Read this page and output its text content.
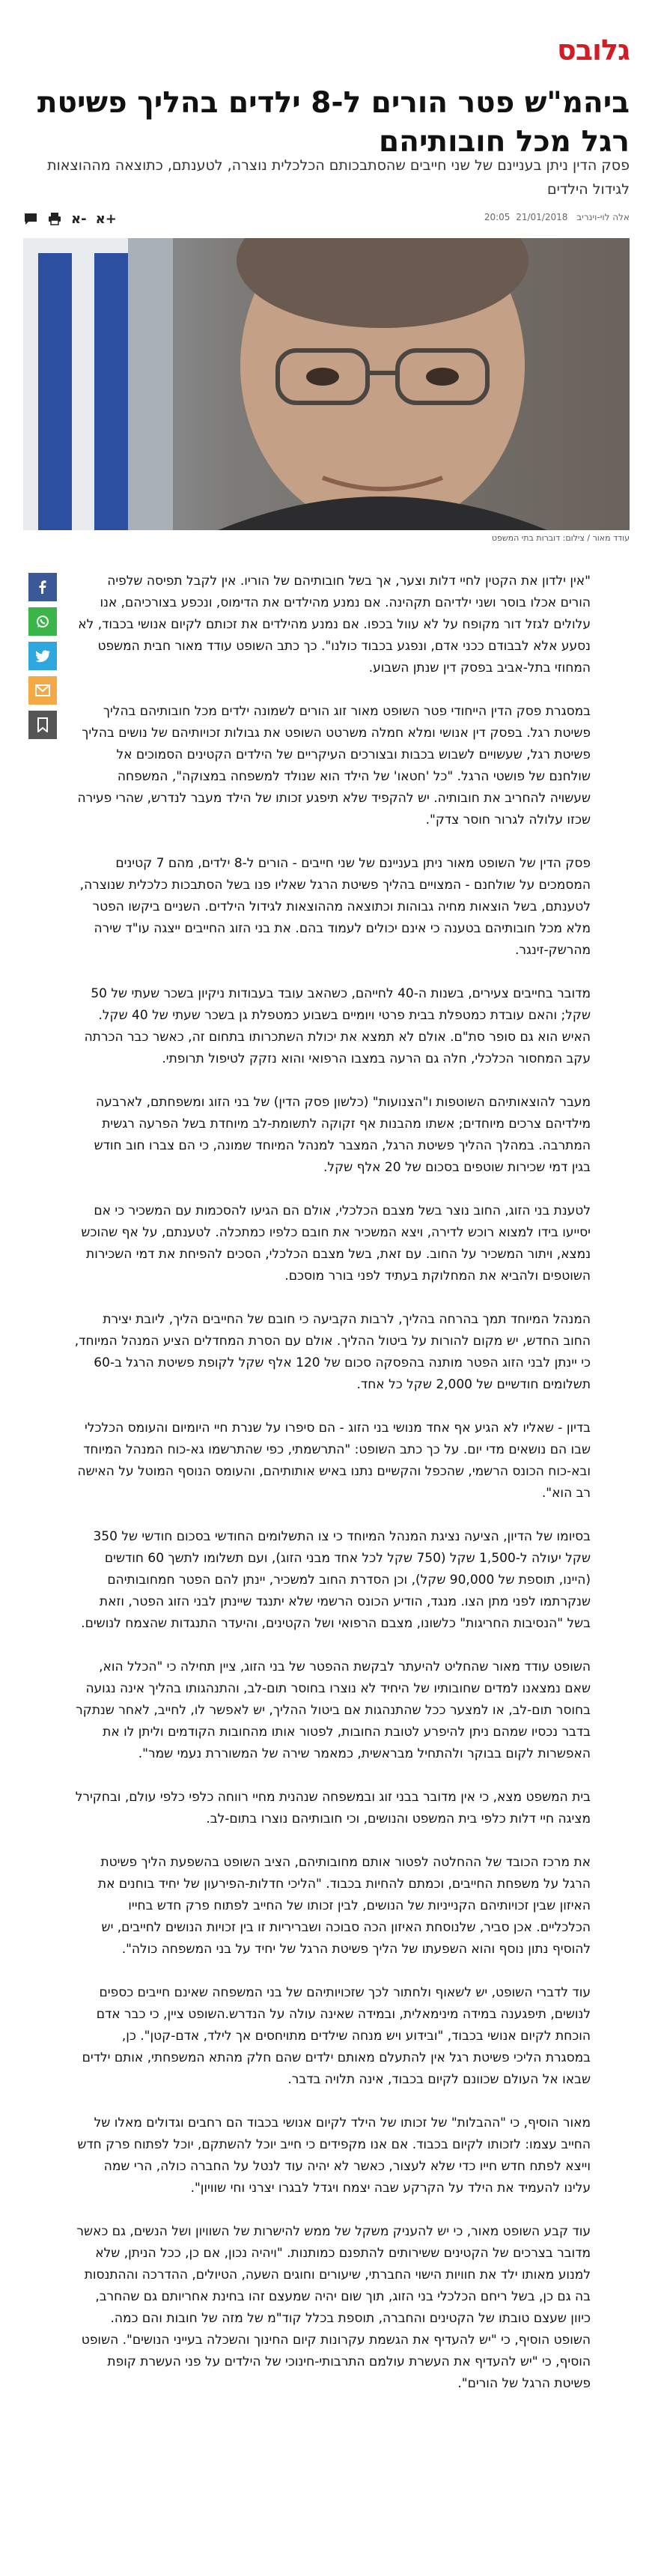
גלובס
ביהמ"ש פטר הורים ל-8 ילדים בהליך פשיטת רגל מכל חובותיהם
פסק הדין ניתן בעניינם של שני חייבים שהסתבכותם הכלכלית נוצרה, לטענתם, כתוצאה מההוצאות לגידול הילדים
אלה לוי-וינריב 21/01/2018 20:05
א+
א-
עודד מאור / צילום: דוברות בתי המשפט

"אין ילדון את הקטין לחיי דלות וצער, אך בשל חובותיהם של הוריו. אין לקבל תפיסה שלפיה הורים אכלו בוסר ושני ילדיהם תקהינה. אם נמנע מהילדים את הדימוס, ונכפע בצורכיהם, אנו עלולים לגזל דור מקופח על לא עוול בכפו. אם נמנע מהילדים את זכותם לקיום אנושי בכבוד, לא נסעע אלא לבבודם ככני אדם, ונפגע בכבוד כולנו". כך כתב השופט עודד מאור חבית המשפט המחוזי בתל-אביב בפסק דין שנתן השבוע.

במסגרת פסק הדין הייחודי פטר השופט מאור זוג הורים לשמונה ילדים מכל חובותיהם בהליך פשיטת רגל. בפסק דין אנושי ומלא חמלה משרטט השופט את גבולות זכויותיהם של נושים בהליך פשיטת רגל, שעשויים לשבוש בכבות ובצורכים העיקריים של הילדים הקטינים הסמוכים אל שולחנם של פושטי הרגל. "כל 'חטאו' של הילד הוא שנולד למשפחה במצוקה", המשפחה שעשויה להחריב את חובותיה. יש להקפיד שלא תיפגע זכותו של הילד מעבר לנדרש, שהרי פעירה שכזו עלולה לגרור חוסר צדק".

פסק הדין של השופט מאור ניתן בעניינם של שני חייבים - הורים ל-8 ילדים, מהם 7 קטינים המסמכים על שולחנם - המצויים בהליך פשיטת הרגל שאליו פנו בשל הסתבכות כלכלית שנוצרה, לטענתם, בשל הוצאות מחיה גבוהות וכתוצאה מההוצאות לגידול הילדים. השניים ביקשו הפטר מלא מכל חובותיהם בטענה כי אינם יכולים לעמוד בהם. את בני הזוג החייבים ייצגה עו"ד שירה מהרשק-זינגר.

מדובר בחייבים צעירים, בשנות ה-40 לחייהם, כשהאב עובד בעבודות ניקיון בשכר שעתי של 50 שקל; והאם עובדת כמטפלת בבית פרטי ויומיים בשבוע כמטפלת גן בשכר שעתי של 40 שקל. האיש הוא גם סופר סת"ם. אולם לא תמצא את יכולת השתכרותו בתחום זה, כאשר כבר הכרתה עקב המחסור הכלכלי, חלה גם הרעה במצבו הרפואי והוא נזקק לטיפול תרופתי.

מעבר להוצאותיהם השוטפות ו"הצנועות" (כלשון פסק הדין) של בני הזוג ומשפחתם, לארבעה מילדיהם צרכים מיוחדים; אשתו מהבנות אף זקוקה לתשומת-לב מיוחדת בשל הפרעה רגשית המתרבה. במהלך ההליך פשיטת הרגל, המצבר למנהל המיוחד שמונה, כי הם צברו חוב חודש בגין דמי שכירות שוטפים בסכום של 20 אלף שקל.

לטענת בני הזוג, החוב נוצר בשל מצבם הכלכלי, אולם הם הגיעו להסכמות עם המשכיר כי אם יסייעו בידו למצוא רוכש לדירה, ויצא המשכיר את חובם כלפיו כמתכלה. לטענתם, על אף שהוכש נמצא, ויתור המשכיר על החוב. עם זאת, בשל מצבם הכלכלי, הסכים להפיחת את דמי השכירות השוטפים ולהביא את המחלוקת בעתיד לפני בורר מוסכם.

המנהל המיוחד תמך בהרחה בהליך, לרבות הקביעה כי חובם של החייבים הליך, ליובת יצירת החוב החדש, יש מקום להורות על ביטול ההליך. אולם עם הסרת המחדלים הציע המנהל המיוחד, כי יינתן לבני הזוג הפטר מותנה בהפסקה סכום של 120 אלף שקל לקופת פשיטת הרגל ב-60 תשלומים חודשיים של 2,000 שקל כל אחד.

בדיון - שאליו לא הגיע אף אחד מנושי בני הזוג - הם סיפרו על שנרת חיי היומיום והעומס הכלכלי שבו הם נושאים מדי יום. על כך כתב השופט: "התרשמתי, כפי שהתרשמו גא-כוח המנהל המיוחד ובא-כוח הכונס הרשמי, שהכפל והקשיים נתנו באיש אותותיהם, והעומס הנוסף המוטל על האישה רב הוא".

בסיומו של הדיון, הציעה נציגת המנהל המיוחד כי צו התשלומים החודשי בסכום חודשי של 350 שקל יעולה ל-1,500 שקל (750 שקל לכל אחד מבני הזוג), ועם תשלומו לתשך 60 חודשים (היינו, תוספת של 90,000 שקל), וכן הסדרת החוב למשכיר, יינתן להם הפטר חמחובותיהם שנקרתמו לפני מתן הצו. מנגד, הודיע הכונס הרשמי שלא יתנגד שיינתן לבני הזוג הפטר, וזאת בשל "הנסיבות החריגות" כלשונו, מצבם הרפואי ושל הקטינים, והיעדר התנגדות שהצמח לנושים.

השופט עודד מאור שהחליט להיעתר לבקשת ההפטר של בני הזוג, ציין תחילה כי "הכלל הוא, שאם נמצאנו למדים שחובותיו של היחיד לא נוצרו בחוסר תום-לב, והתנהגותו בהליך אינה נגועה בחוסר תום-לב, או למצער ככל שהתנהגות אם ביטול ההליך, יש לאפשר לו, לחייב, לאחר שנתקר בדבר נכסיו שמהם ניתן להיפרע לטובת החובות, לפטור אותו מהחובות הקודמים וליתן לו את האפשרות לקום בבוקר ולהתחיל מבראשית, כמאמר שירה של המשוררת נעמי שמר".

בית המשפט מצא, כי אין מדובר בבני זוג ובמשפחה שנהנית מחיי רווחה כלפי כלפי עולם, ובחקירל מציגה חיי דלות כלפי בית המשפט והנושים, וכי חובותיהם נוצרו בתום-לב.

את מרכז הכובד של ההחלטה לפטור אותם מחובותיהם, הציב השופט בהשפעת הליך פשיטת הרגל על משפחת החייבים, וכמתם להחיות בכבוד. "הליכי חדלות-הפירעון של יחיד בוחנים את האיזון שבין זכויותיהם הקנייניות של הנושים, לבין זכותו של החייב לפתוח פרק חדש בחייו הכלכליים. אכן סביר, שלנוסחת האיזון הכה סבוכה ושבריריות זו בין זכויות הנושים לחייבים, יש להוסיף נתון נוסף והוא השפעתו של הליך פשיטת הרגל של יחיד על בני המשפחה כולה".

עוד לדברי השופט, יש לשאוף ולחתור לכך שזכויותיהם של בני המשפחה שאינם חייבים כספים לנושים, תיפגענה במידה מינימאלית, ובמידה שאינה עולה על הנדרש.השופט ציין, כי כבר אדם הוכחת לקיום אנושי בכבוד, "ובידוע ויש מנחה שילדים מתויחסים אך לילד, אדם-קטן". כן, במסגרת הליכי פשיטת רגל אין להתעלם מאותם ילדים שהם חלק מהתא המשפחתי, אותם ילדים שבאו אל העולם שכוונם לקיום בכבוד, אינה תלויה בדבר.

מאור הוסיף, כי "ההבלות" של זכותו של הילד לקיום אנושי בכבוד הם רחבים וגדולים מאלו של החייב עצמו: לזכותו לקיום בכבוד. אם אנו מקפידים כי חייב יוכל להשתקם, יוכל לפתוח פרק חדש וייצא לפתח חדש חייו כדי שלא לעצור, כאשר לא יהיה עוד לנטל על החברה כולה, הרי שמה עלינו להעמיד את הילד על הקרקע שבה יצמח ויגדל לבגרו יצרני וחי שוויון".

עוד קבע השופט מאור, כי יש להעניק משקל של ממש להישרות של השוויון ושל הנשים, גם כאשר מדובר בצרכים של הקטינים ששירותים להתפנם כמותנות. "ויהיה נכון, אם כן, ככל הניתן, שלא למנוע מאותו ילד את חוויות הישוי החברתי, שיעורים וחוגים השעה, הטיולים, ההדרכה וההתנסות בה גם כן, בשל ריחם הכלכלי בני הזוג, תוך שום יהיה שמעצם זהו בחינת אחריותם גם שהחרב, כיוון שעצם טובתו של הקטינים והחברה, תוספת בכלל קוד"מ של מזה של חובות והם כמה. השופט הוסיף, כי "יש להעדיף את הגשמת עקרונות קיום החינוך והשכלה בעייני הנושים". השופט הוסיף, כי "יש להעדיף את העשרת עולמם התרבותי-חינוכי של הילדים על פני העשרת קופת פשיטת הרגל של הורים".
